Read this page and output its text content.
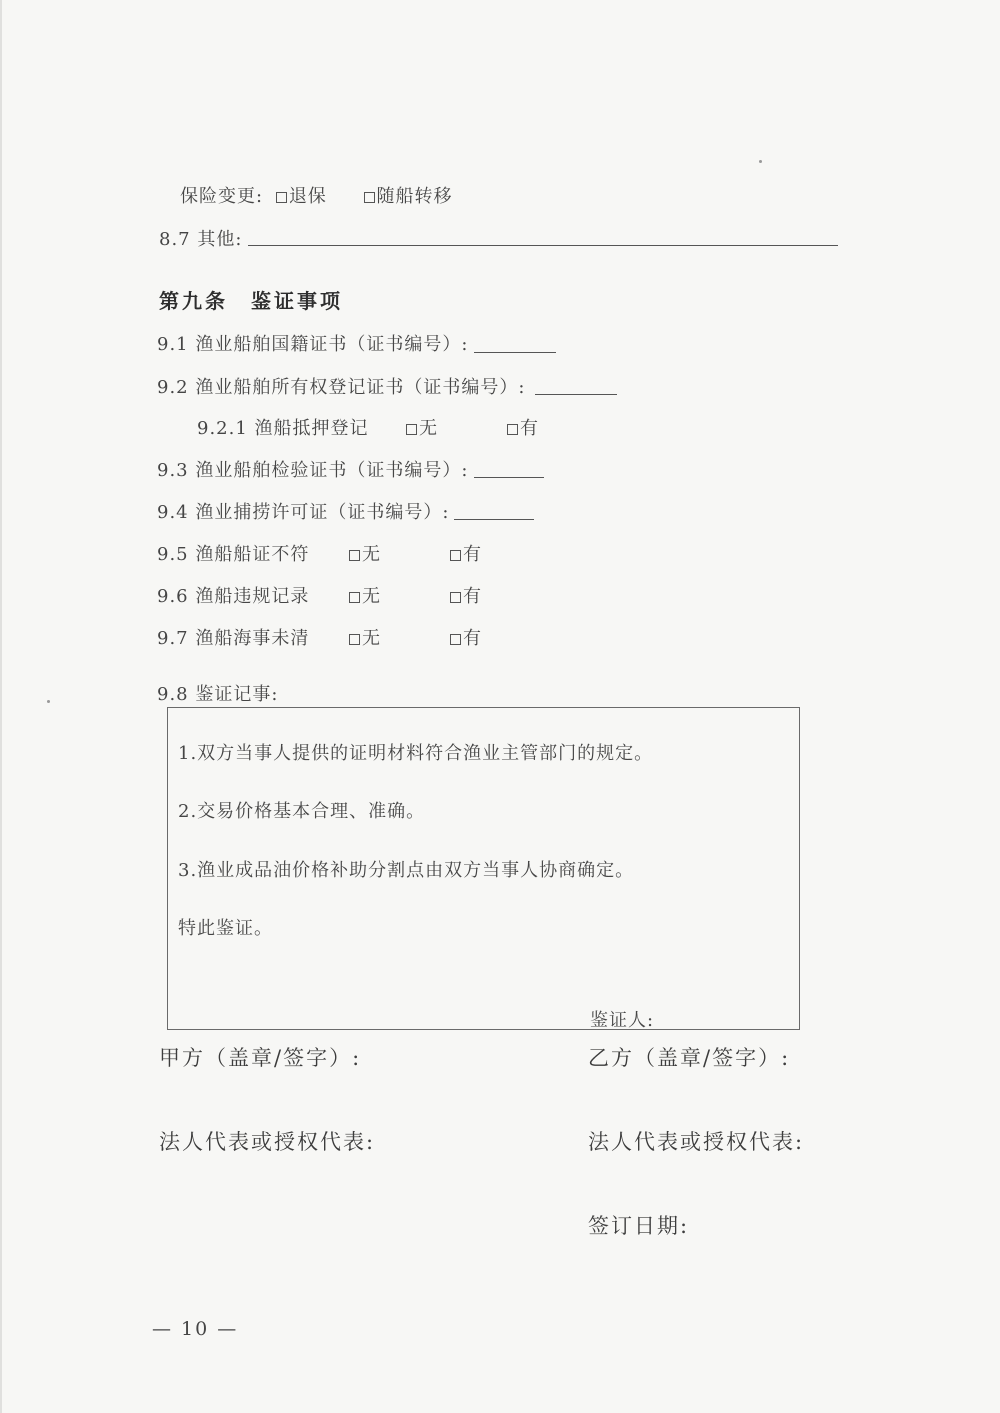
保险变更: 退保	随船转移
8.7 其他:
第九条　鉴证事项
9.1 渔业船舶国籍证书（证书编号）:
9.2 渔业船舶所有权登记证书（证书编号）:
9.2.1 渔船抵押登记	无	有
9.3 渔业船舶检验证书（证书编号）:
9.4 渔业捕捞许可证（证书编号）:
9.5 渔船船证不符	无	有
9.6 渔船违规记录	无	有
9.7 渔船海事未清	无	有
9.8 鉴证记事:
1.双方当事人提供的证明材料符合渔业主管部门的规定。
2.交易价格基本合理、准确。
3.渔业成品油价格补助分割点由双方当事人协商确定。
特此鉴证。
鉴证人:
甲方（盖章/签字）:	乙方（盖章/签字）:
法人代表或授权代表:	法人代表或授权代表:
签订日期:
— 10 —
